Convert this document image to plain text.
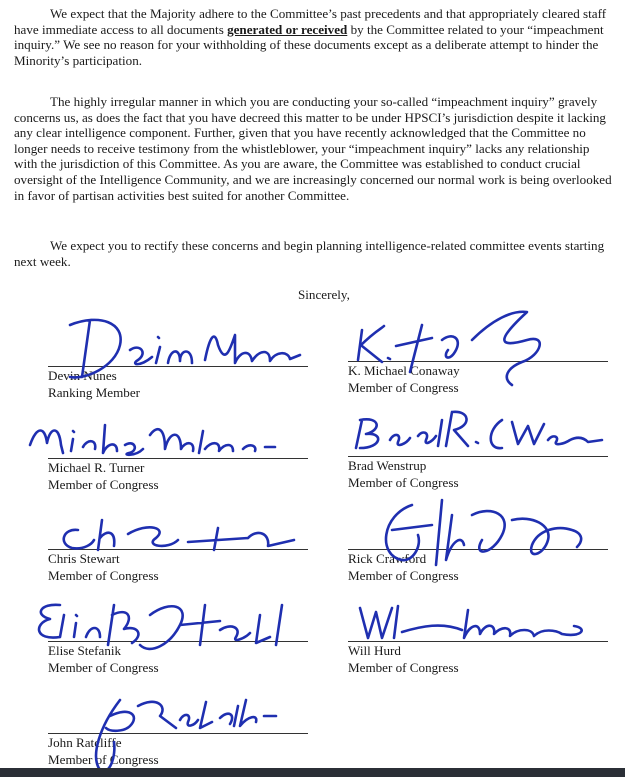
We expect that the Majority adhere to the Committee’s past precedents and that appropriately cleared staff have immediate access to all documents generated or received by the Committee related to your “impeachment inquiry.” We see no reason for your withholding of these documents except as a deliberate attempt to hinder the Minority’s participation.

The highly irregular manner in which you are conducting your so-called “impeachment inquiry” gravely concerns us, as does the fact that you have decreed this matter to be under HPSCI’s jurisdiction despite it lacking any clear intelligence component. Further, given that you have recently acknowledged that the Committee no longer needs to receive testimony from the whistleblower, your “impeachment inquiry” lacks any relationship with the jurisdiction of this Committee. As you are aware, the Committee was established to conduct crucial oversight of the Intelligence Community, and we are increasingly concerned our normal work is being overlooked in favor of partisan activities best suited for another Committee.

We expect you to rectify these concerns and begin planning intelligence-related committee events starting next week.

Sincerely,

Devin Nunes
Ranking Member
K. Michael Conaway
Member of Congress
Michael R. Turner
Member of Congress
Brad Wenstrup
Member of Congress
Chris Stewart
Member of Congress
Rick Crawford
Member of Congress
Elise Stefanik
Member of Congress
Will Hurd
Member of Congress
John Ratcliffe
Member of Congress
